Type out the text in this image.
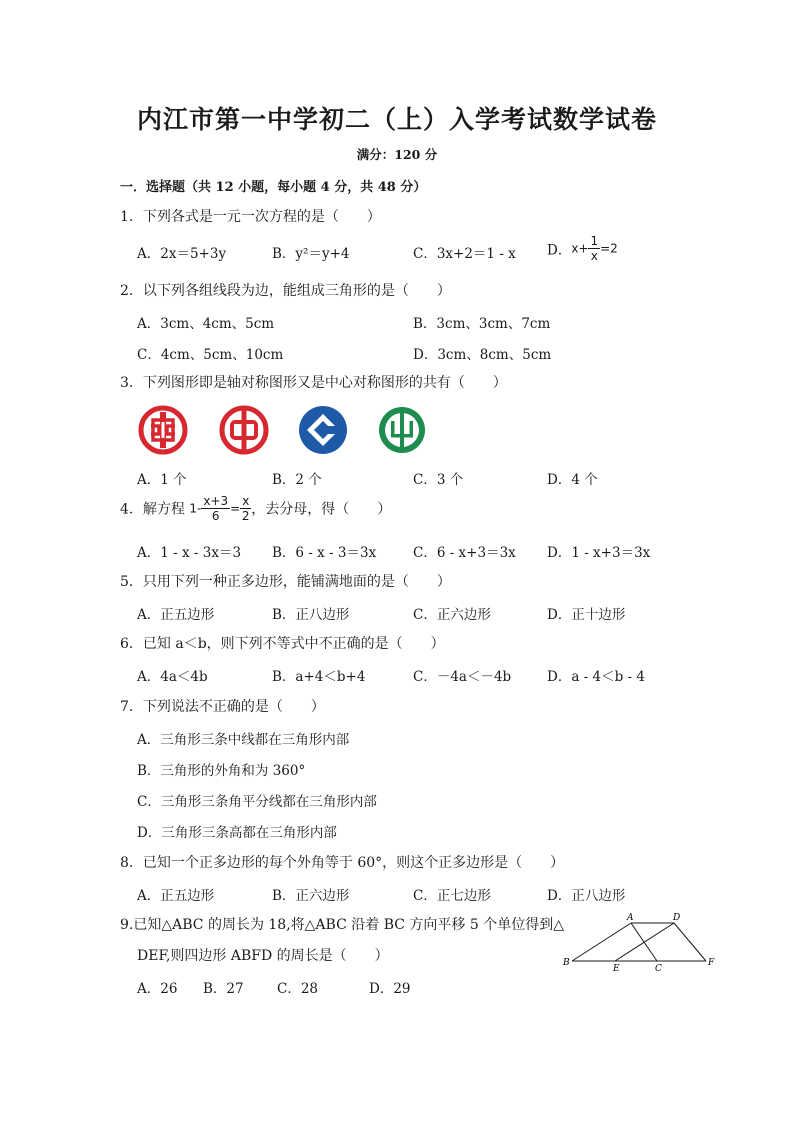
内江市第一中学初二（上）入学考试数学试卷
满分：120 分
一．选择题（共 12 小题，每小题 4 分，共 48 分）
1．下列各式是一元一次方程的是（　　）
A．2x＝5+3y	B．y²＝y+4	C．3x+2＝1 - x D．$x+ \frac{1}{x} =2$
2．以下列各组线段为边，能组成三角形的是（　　）
A．3cm、4cm、5cm	B．3cm、3cm、7cm
C．4cm、5cm、10cm	D．3cm、8cm、5cm
3．下列图形即是轴对称图形又是中心对称图形的共有（　　）
A．1 个	B．2 个	C．3 个	D．4 个
4．解方程 $1- \frac{x+3}{6} = \frac{x}{2}$ ，去分母，得（　　）
A．1 - x - 3x＝3 B．6 - x - 3＝3x	C．6 - x+3＝3x D．1 - x+3＝3x
5．只用下列一种正多边形，能铺满地面的是（　　）
A．正五边形	B．正八边形	C．正六边形	D．正十边形
6．已知 a＜b，则下列不等式中不正确的是（　　）
A．4a＜4b	B．a+4＜b+4	C．－4a＜－4b	D．a - 4＜b - 4
7．下列说法不正确的是（　　）
A．三角形三条中线都在三角形内部
B．三角形的外角和为 360°
C．三角形三条角平分线都在三角形内部
D．三角形三条高都在三角形内部
8．已知一个正多边形的每个外角等于 60°，则这个正多边形是（　　）
A．正五边形	B．正六边形	C．正七边形	D．正八边形
9.已知△ABC 的周长为 18,将△ABC 沿着 BC 方向平移 5 个单位得到△
DEF,则四边形 ABFD 的周长是（　　）
A．26 B．27 C．28	D．29
A	D
B
E	C
F
